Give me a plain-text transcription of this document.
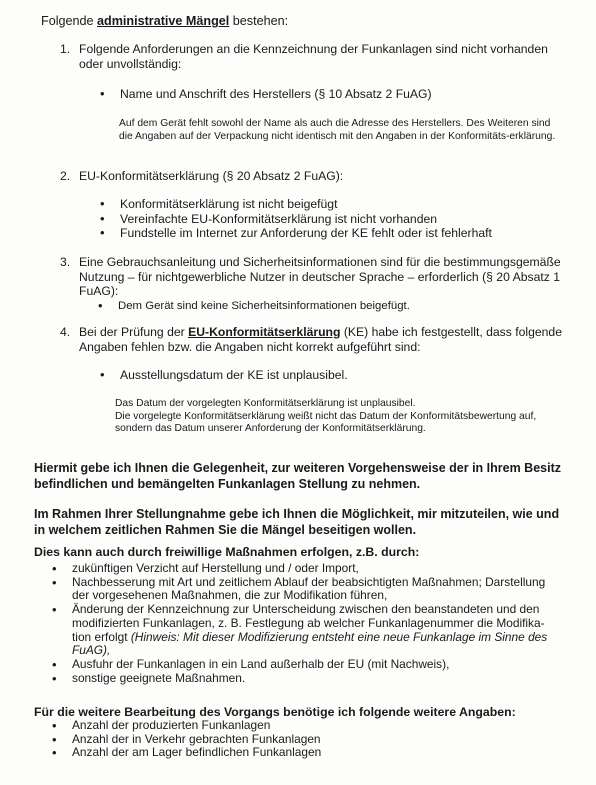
Folgende administrative Mängel bestehen:
1. Folgende Anforderungen an die Kennzeichnung der Funkanlagen sind nicht vorhanden oder unvollständig:
• Name und Anschrift des Herstellers (§ 10 Absatz 2 FuAG)
Auf dem Gerät fehlt sowohl der Name als auch die Adresse des Herstellers. Des Weiteren sind die Angaben auf der Verpackung nicht identisch mit den Angaben in der Konformitäts-erklärung.
2. EU-Konformitätserklärung (§ 20 Absatz 2 FuAG):
• Konformitätserklärung ist nicht beigefügt
• Vereinfachte EU-Konformitätserklärung ist nicht vorhanden
• Fundstelle im Internet zur Anforderung der KE fehlt oder ist fehlerhaft
3. Eine Gebrauchsanleitung und Sicherheitsinformationen sind für die bestimmungsgemäße Nutzung – für nichtgewerbliche Nutzer in deutscher Sprache – erforderlich (§ 20 Absatz 1 FuAG):
• Dem Gerät sind keine Sicherheitsinformationen beigefügt.
4. Bei der Prüfung der EU-Konformitätserklärung (KE) habe ich festgestellt, dass folgende Angaben fehlen bzw. die Angaben nicht korrekt aufgeführt sind:
• Ausstellungsdatum der KE ist unplausibel.
Das Datum der vorgelegten Konformitätserklärung ist unplausibel.
Die vorgelegte Konformitätserklärung weißt nicht das Datum der Konformitätsbewertung auf, sondern das Datum unserer Anforderung der Konformitätserklärung.
Hiermit gebe ich Ihnen die Gelegenheit, zur weiteren Vorgehensweise der in Ihrem Besitz befindlichen und bemängelten Funkanlagen Stellung zu nehmen.
Im Rahmen Ihrer Stellungnahme gebe ich Ihnen die Möglichkeit, mir mitzuteilen, wie und in welchem zeitlichen Rahmen Sie die Mängel beseitigen wollen.
Dies kann auch durch freiwillige Maßnahmen erfolgen, z.B. durch:
• zukünftigen Verzicht auf Herstellung und / oder Import,
• Nachbesserung mit Art und zeitlichem Ablauf der beabsichtigten Maßnahmen; Darstellung der vorgesehenen Maßnahmen, die zur Modifikation führen,
• Änderung der Kennzeichnung zur Unterscheidung zwischen den beanstandeten und den modifizierten Funkanlagen, z. B. Festlegung ab welcher Funkanlagenummer die Modifika-tion erfolgt (Hinweis: Mit dieser Modifizierung entsteht eine neue Funkanlage im Sinne des FuAG),
• Ausfuhr der Funkanlagen in ein Land außerhalb der EU (mit Nachweis),
• sonstige geeignete Maßnahmen.
Für die weitere Bearbeitung des Vorgangs benötige ich folgende weitere Angaben:
• Anzahl der produzierten Funkanlagen
• Anzahl der in Verkehr gebrachten Funkanlagen
• Anzahl der am Lager befindlichen Funkanlagen
